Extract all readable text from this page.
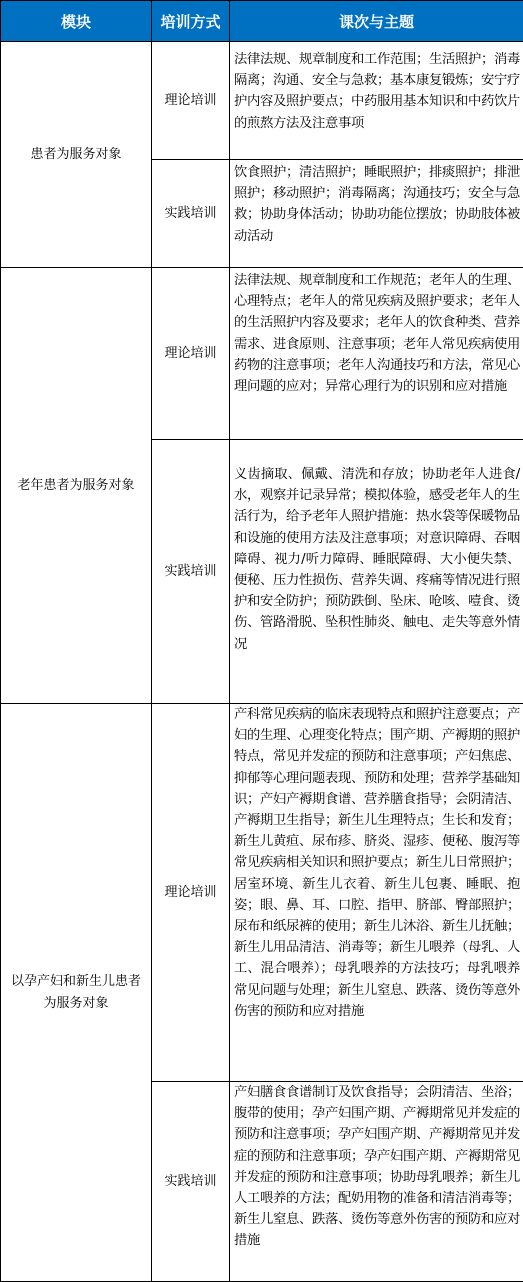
模块	培训方式	课次与主题
患者为服务对象	理论培训	法律法规、规章制度和工作范围；生活照护；消毒隔离；沟通、安全与急救；基本康复锻炼；安宁疗护内容及照护要点；中药服用基本知识和中药饮片的煎熬方法及注意事项
	实践培训	饮食照护；清洁照护；睡眠照护；排痰照护；排泄照护；移动照护；消毒隔离；沟通技巧；安全与急救；协助身体活动；协助功能位摆放；协助肢体被动活动
老年患者为服务对象	理论培训	法律法规、规章制度和工作规范；老年人的生理、心理特点；老年人的常见疾病及照护要求；老年人的生活照护内容及要求；老年人的饮食种类、营养需求、进食原则、注意事项；老年人常见疾病使用药物的注意事项；老年人沟通技巧和方法，常见心理问题的应对；异常心理行为的识别和应对措施
	实践培训	义齿摘取、佩戴、清洗和存放；协助老年人进食/水，观察并记录异常；模拟体验，感受老年人的生活行为，给予老年人照护措施：热水袋等保暖物品和设施的使用方法及注意事项；对意识障碍、吞咽障碍、视力/听力障碍、睡眠障碍、大小便失禁、便秘、压力性损伤、营养失调、疼痛等情况进行照护和安全防护；预防跌倒、坠床、呛咳、噎食、烫伤、管路滑脱、坠积性肺炎、触电、走失等意外情况
以孕产妇和新生儿患者为服务对象	理论培训	产科常见疾病的临床表现特点和照护注意要点；产妇的生理、心理变化特点；围产期、产褥期的照护特点，常见并发症的预防和注意事项；产妇焦虑、抑郁等心理问题表现、预防和处理；营养学基础知识；产妇产褥期食谱、营养膳食指导；会阴清洁、产褥期卫生指导；新生儿生理特点；生长和发育；新生儿黄疸、尿布疹、脐炎、湿疹、便秘、腹泻等常见疾病相关知识和照护要点；新生儿日常照护；居室环境、新生儿衣着、新生儿包裹、睡眠、抱姿；眼、鼻、耳、口腔、指甲、脐部、臀部照护；尿布和纸尿裤的使用；新生儿沐浴、新生儿抚触；新生儿用品清洁、消毒等；新生儿喂养（母乳、人工、混合喂养）；母乳喂养的方法技巧；母乳喂养常见问题与处理；新生儿窒息、跌落、烫伤等意外伤害的预防和应对措施
	实践培训	产妇膳食食谱制订及饮食指导；会阴清洁、坐浴；腹带的使用；孕产妇围产期、产褥期常见并发症的预防和注意事项；孕产妇围产期、产褥期常见并发症的预防和注意事项；孕产妇围产期、产褥期常见并发症的预防和注意事项；协助母乳喂养；新生儿人工喂养的方法；配奶用物的准备和清洁消毒等；新生儿窒息、跌落、烫伤等意外伤害的预防和应对措施
